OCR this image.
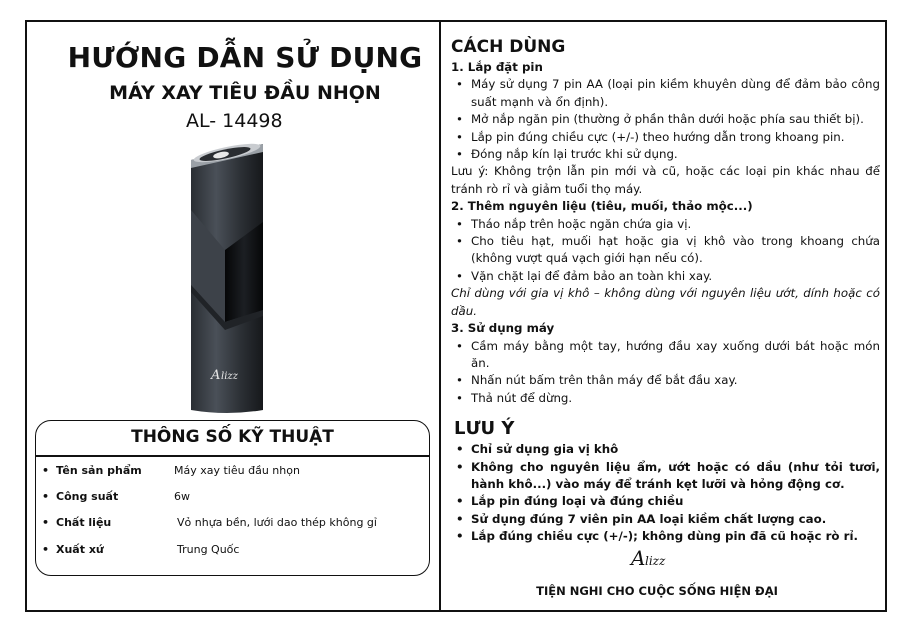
HƯỚNG DẪN SỬ DỤNG
MÁY XAY TIÊU ĐẦU NHỌN
AL- 14498
A lizz
THÔNG SỐ KỸ THUẬT
• Tên sản phẩm	Máy xay tiêu đầu nhọn
• Công suất	6w
• Chất liệu	Vỏ nhựa bền, lưới dao thép không gỉ
• Xuất xứ	Trung Quốc
CÁCH DÙNG
1. Lắp đặt pin
• Máy sử dụng 7 pin AA (loại pin kiềm khuyên dùng để đảm bảo công suất mạnh và ổn định).
• Mở nắp ngăn pin (thường ở phần thân dưới hoặc phía sau thiết bị).
• Lắp pin đúng chiều cực (+/-) theo hướng dẫn trong khoang pin.
• Đóng nắp kín lại trước khi sử dụng.
Lưu ý: Không trộn lẫn pin mới và cũ, hoặc các loại pin khác nhau để tránh rò rỉ và giảm tuổi thọ máy.
2. Thêm nguyên liệu (tiêu, muối, thảo mộc...)
• Tháo nắp trên hoặc ngăn chứa gia vị.
• Cho tiêu hạt, muối hạt hoặc gia vị khô vào trong khoang chứa (không vượt quá vạch giới hạn nếu có).
• Vặn chặt lại để đảm bảo an toàn khi xay.
Chỉ dùng với gia vị khô – không dùng với nguyên liệu ướt, dính hoặc có dầu.
3. Sử dụng máy
• Cầm máy bằng một tay, hướng đầu xay xuống dưới bát hoặc món ăn.
• Nhấn nút bấm trên thân máy để bắt đầu xay.
• Thả nút để dừng.
LƯU Ý
• Chỉ sử dụng gia vị khô
• Không cho nguyên liệu ẩm, ướt hoặc có dầu (như tỏi tươi, hành khô...) vào máy để tránh kẹt lưỡi và hỏng động cơ.
• Lắp pin đúng loại và đúng chiều
• Sử dụng đúng 7 viên pin AA loại kiềm chất lượng cao.
• Lắp đúng chiều cực (+/-); không dùng pin đã cũ hoặc rò rỉ.
A lizz
TIỆN NGHI CHO CUỘC SỐNG HIỆN ĐẠI
